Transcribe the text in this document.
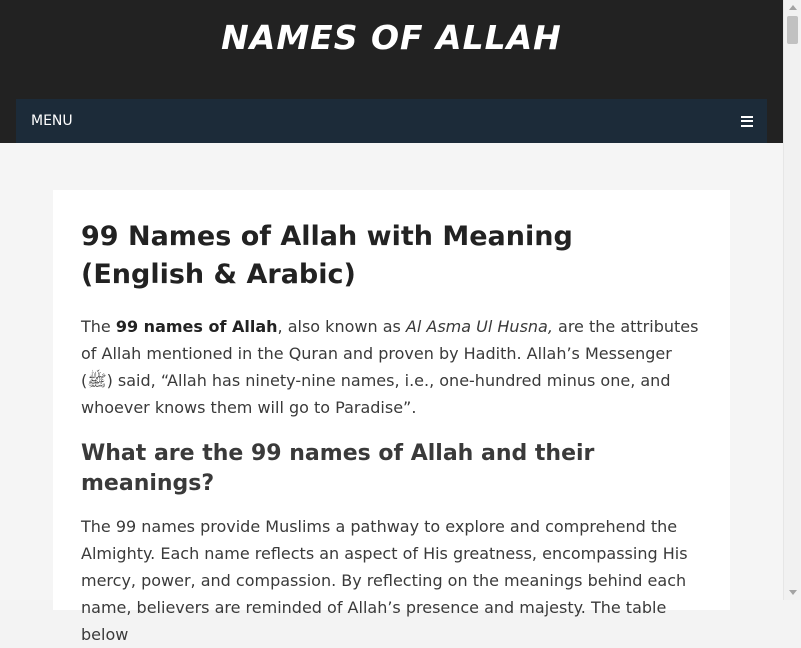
NAMES OF ALLAH
MENU
99 Names of Allah with Meaning (English & Arabic)

The 99 names of Allah, also known as Al Asma Ul Husna, are the attributes of Allah mentioned in the Quran and proven by Hadith. Allah’s Messenger (ﷺ) said, “Allah has ninety-nine names, i.e., one-hundred minus one, and whoever knows them will go to Paradise”.

What are the 99 names of Allah and their meanings?

The 99 names provide Muslims a pathway to explore and comprehend the Almighty. Each name reflects an aspect of His greatness, encompassing His mercy, power, and compassion. By reflecting on the meanings behind each name, believers are reminded of Allah’s presence and majesty. The table below
